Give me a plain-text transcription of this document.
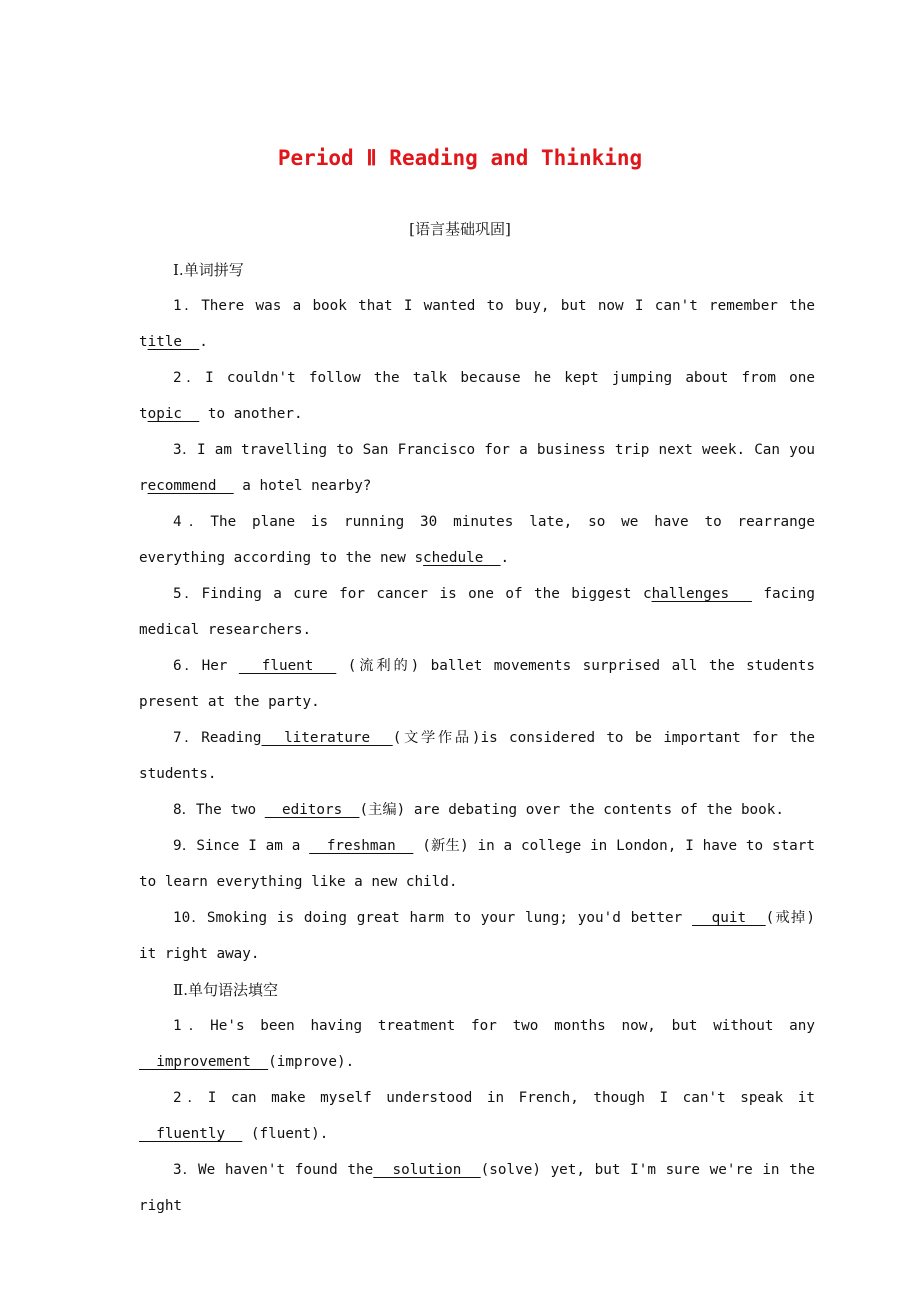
Period Ⅱ Reading and Thinking
[语言基础巩固]
Ⅰ.单词拼写
1．There was a book that I wanted to buy, but now I can't remember the title  .
2．I couldn't follow the talk because he kept jumping about from one topic   to another.
3．I am travelling to San Francisco for a business trip next week. Can you recommend   a hotel nearby?
4．The plane is running 30 minutes late, so we have to rearrange everything according to the new schedule  .
5．Finding a cure for cancer is one of the biggest challenges   facing medical researchers.
6．Her   fluent   (流利的) ballet movements surprised all the students present at the party.
7．Reading  literature  (文学作品)is considered to be important for the students.
8．The two   editors  (主编) are debating over the contents of the book.
9．Since I am a   freshman   (新生) in a college in London, I have to start to learn everything like a new child.
10．Smoking is doing great harm to your lung; you'd better   quit  (戒掉) it right away.
Ⅱ.单句语法填空
1．He's been having treatment for two months now, but without any  improvement  (improve).
2．I can make myself understood in French, though I can't speak it   fluently   (fluent).
3．We haven't found the  solution  (solve) yet, but I'm sure we're in the right
